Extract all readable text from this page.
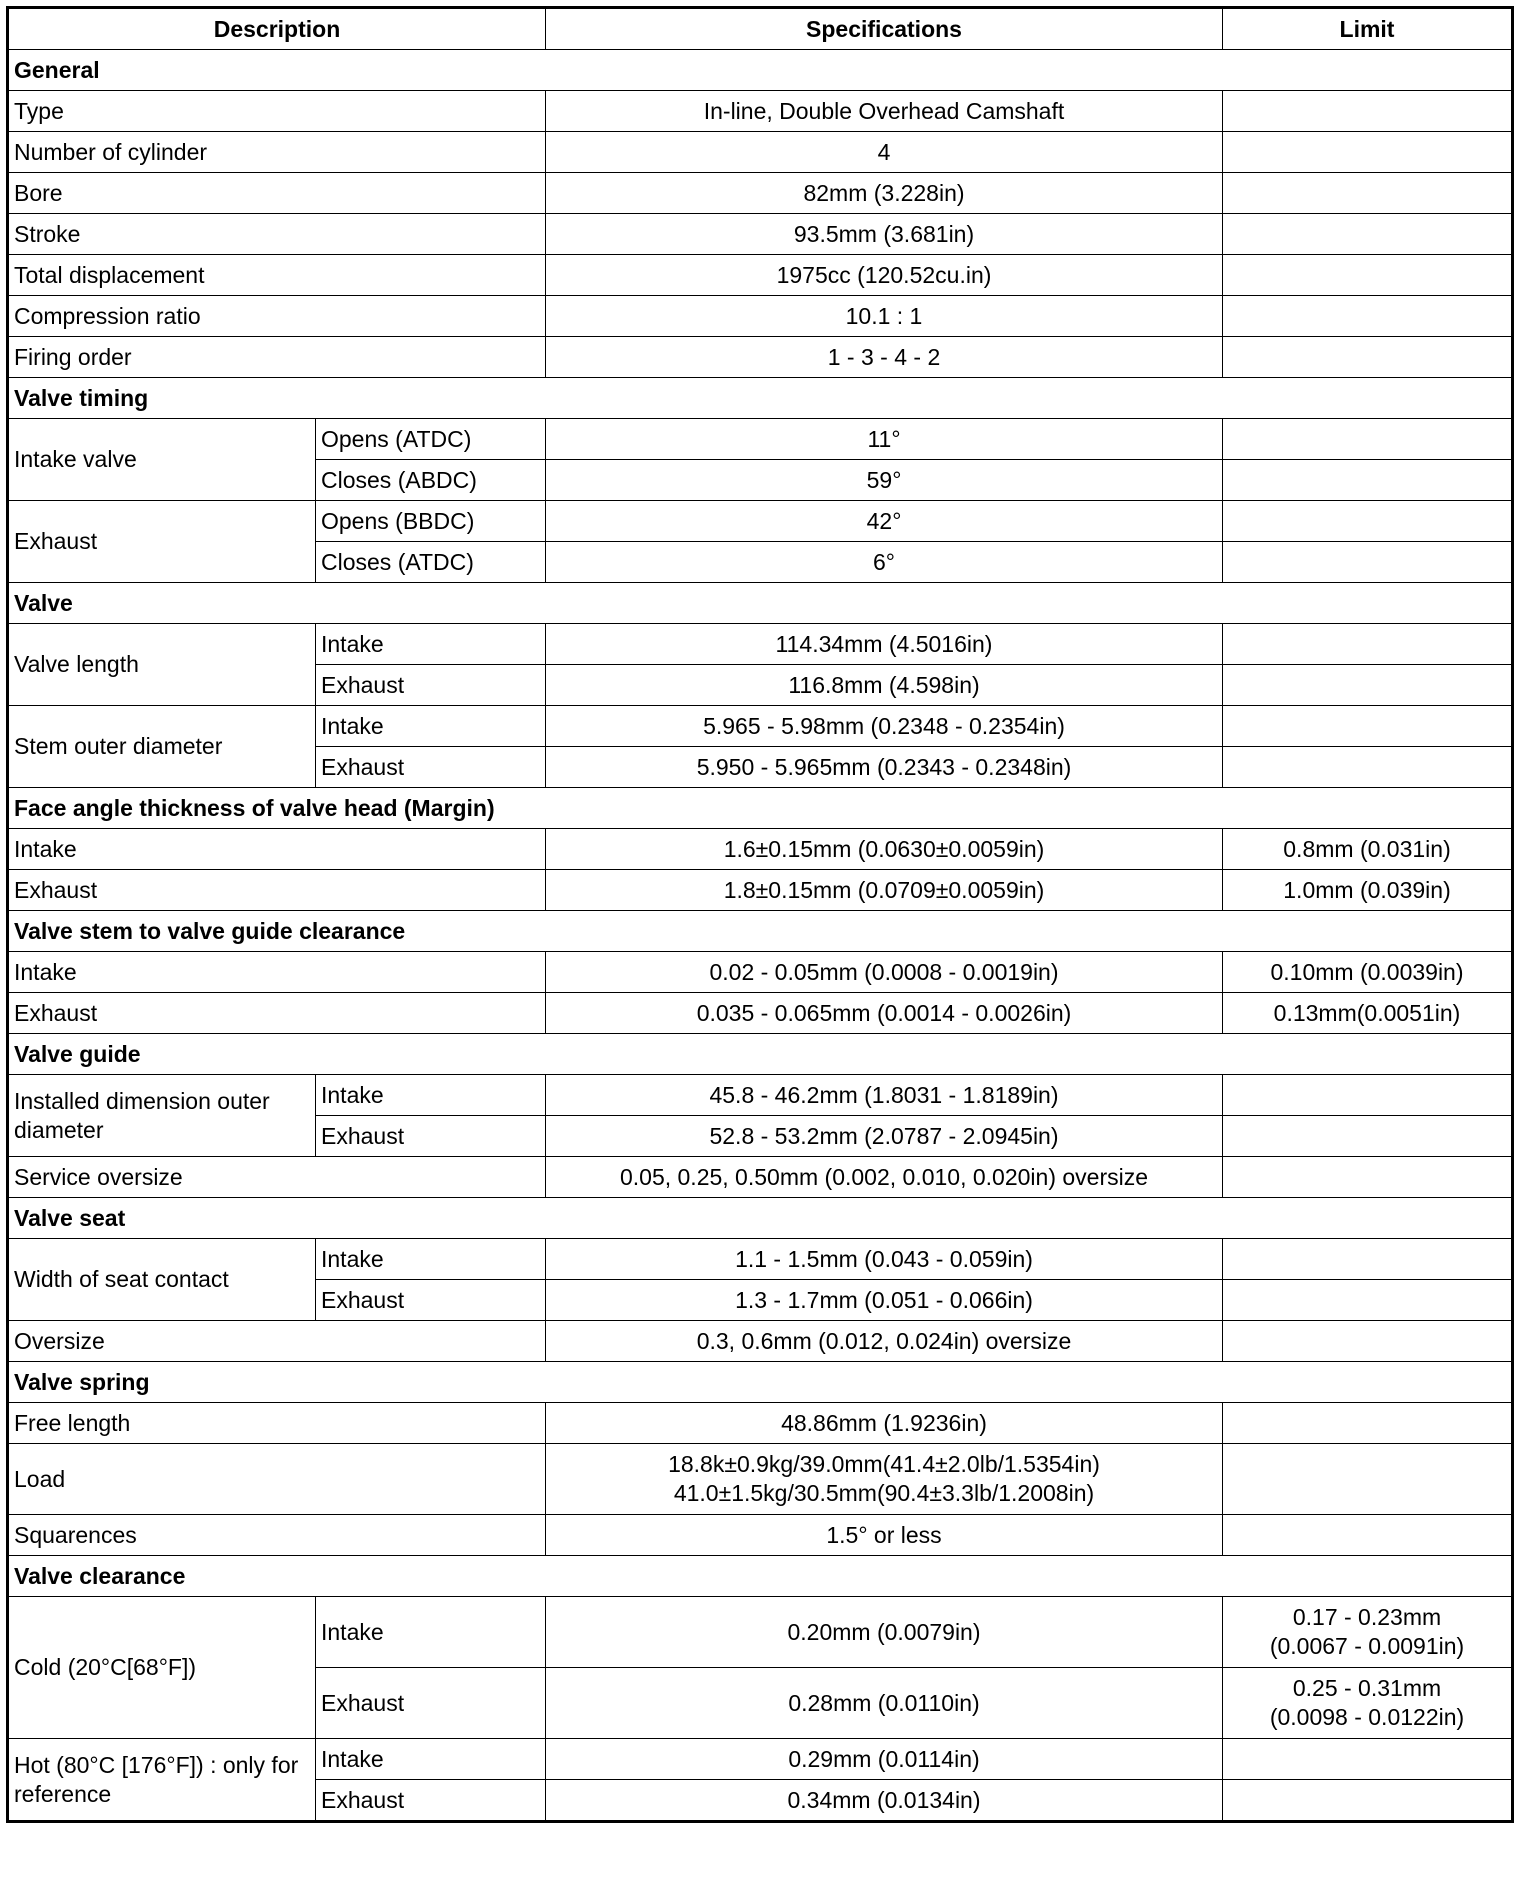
Description		Specifications	Limit
General			
Type		In-line, Double Overhead Camshaft	
Number of cylinder		4	
Bore		82mm (3.228in)	
Stroke		93.5mm (3.681in)	
Total displacement		1975cc (120.52cu.in)	
Compression ratio		10.1 : 1	
Firing order		1 - 3 - 4 - 2	
Valve timing			
Intake valve	Opens (ATDC)	11°	
	Closes (ABDC)	59°	
Exhaust	Opens (BBDC)	42°	
	Closes (ATDC)	6°	
Valve			
Valve length	Intake	114.34mm (4.5016in)	
	Exhaust	116.8mm (4.598in)	
Stem outer diameter	Intake	5.965 - 5.98mm (0.2348 - 0.2354in)	
	Exhaust	5.950 - 5.965mm (0.2343 - 0.2348in)	
Face angle thickness of valve head (Margin)			
Intake		1.6±0.15mm (0.0630±0.0059in)	0.8mm (0.031in)
Exhaust		1.8±0.15mm (0.0709±0.0059in)	1.0mm (0.039in)
Valve stem to valve guide clearance			
Intake		0.02 - 0.05mm (0.0008 - 0.0019in)	0.10mm (0.0039in)
Exhaust		0.035 - 0.065mm (0.0014 - 0.0026in)	0.13mm(0.0051in)
Valve guide			
Installed dimension outer diameter	Intake	45.8 - 46.2mm (1.8031 - 1.8189in)	
	Exhaust	52.8 - 53.2mm (2.0787 - 2.0945in)	
Service oversize		0.05, 0.25, 0.50mm (0.002, 0.010, 0.020in) oversize	
Valve seat			
Width of seat contact	Intake	1.1 - 1.5mm (0.043 - 0.059in)	
	Exhaust	1.3 - 1.7mm (0.051 - 0.066in)	
Oversize		0.3, 0.6mm (0.012, 0.024in) oversize	
Valve spring			
Free length		48.86mm (1.9236in)	
Load		18.8k±0.9kg/39.0mm(41.4±2.0lb/1.5354in)
41.0±1.5kg/30.5mm(90.4±3.3lb/1.2008in)	

Squarences		1.5° or less	
Valve clearance			
Cold (20°C[68°F])	Intake	0.20mm (0.0079in)	0.17 - 0.23mm
(0.0067 - 0.0091in)

	Exhaust	0.28mm (0.0110in)	0.25 - 0.31mm
(0.0098 - 0.0122in)

Hot (80°C [176°F]) : only for reference	Intake	0.29mm (0.0114in)	
	Exhaust	0.34mm (0.0134in)	
